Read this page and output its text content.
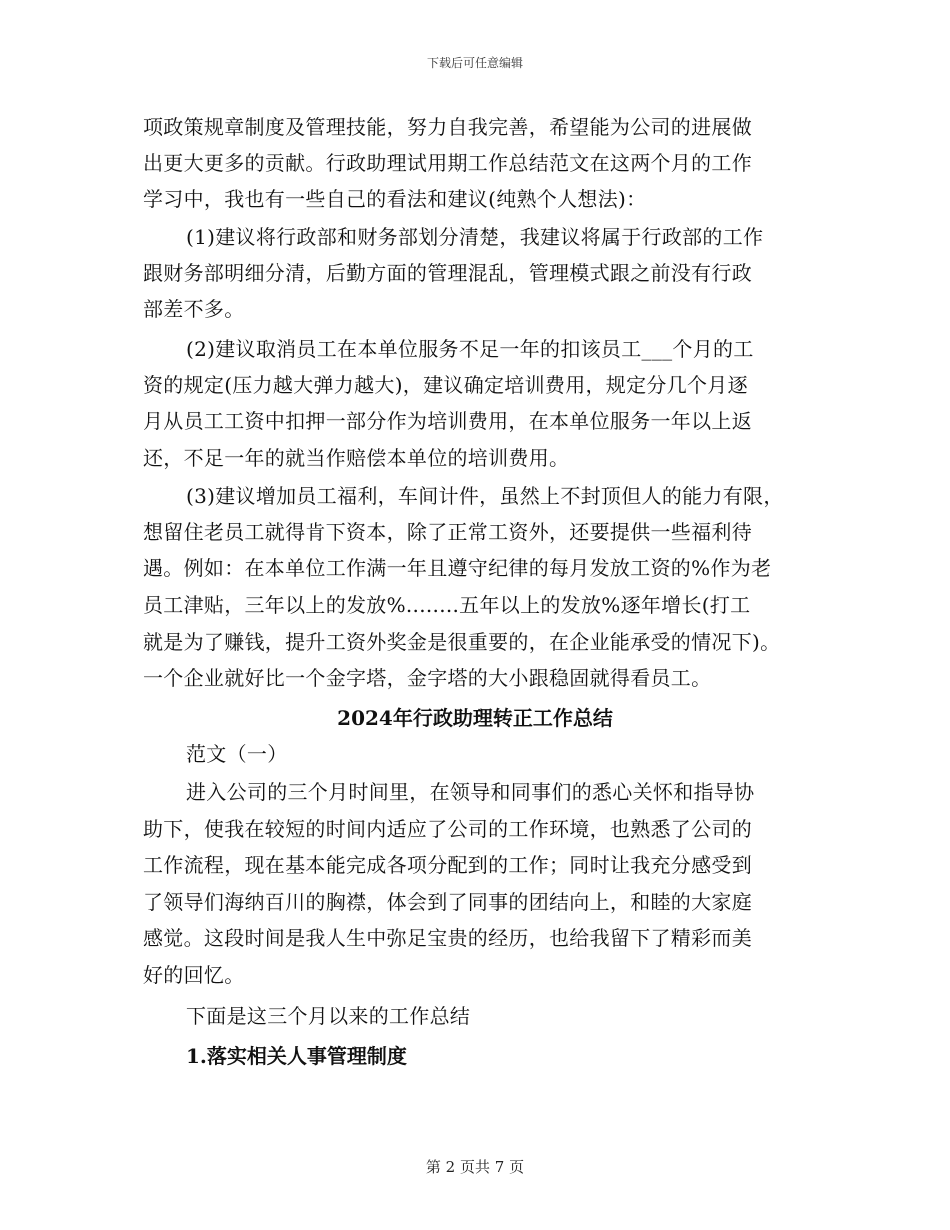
下载后可任意编辑
项政策规章制度及管理技能，努力自我完善，希望能为公司的进展做
出更大更多的贡献。行政助理试用期工作总结范文在这两个月的工作
学习中，我也有一些自己的看法和建议(纯熟个人想法)：
(1)建议将行政部和财务部划分清楚，我建议将属于行政部的工作
跟财务部明细分清，后勤方面的管理混乱，管理模式跟之前没有行政
部差不多。
(2)建议取消员工在本单位服务不足一年的扣该员工___个月的工
资的规定(压力越大弹力越大)，建议确定培训费用，规定分几个月逐
月从员工工资中扣押一部分作为培训费用，在本单位服务一年以上返
还，不足一年的就当作赔偿本单位的培训费用。
(3)建议增加员工福利，车间计件，虽然上不封顶但人的能力有限，
想留住老员工就得肯下资本，除了正常工资外，还要提供一些福利待
遇。例如：在本单位工作满一年且遵守纪律的每月发放工资的%作为老
员工津贴，三年以上的发放%........五年以上的发放%逐年增长(打工
就是为了赚钱，提升工资外奖金是很重要的，在企业能承受的情况下)。
一个企业就好比一个金字塔，金字塔的大小跟稳固就得看员工。
2024年行政助理转正工作总结
范文（一）
进入公司的三个月时间里，在领导和同事们的悉心关怀和指导协
助下，使我在较短的时间内适应了公司的工作环境，也熟悉了公司的
工作流程，现在基本能完成各项分配到的工作；同时让我充分感受到
了领导们海纳百川的胸襟，体会到了同事的团结向上，和睦的大家庭
感觉。这段时间是我人生中弥足宝贵的经历，也给我留下了精彩而美
好的回忆。
下面是这三个月以来的工作总结
1.落实相关人事管理制度
第 2 页共 7 页
